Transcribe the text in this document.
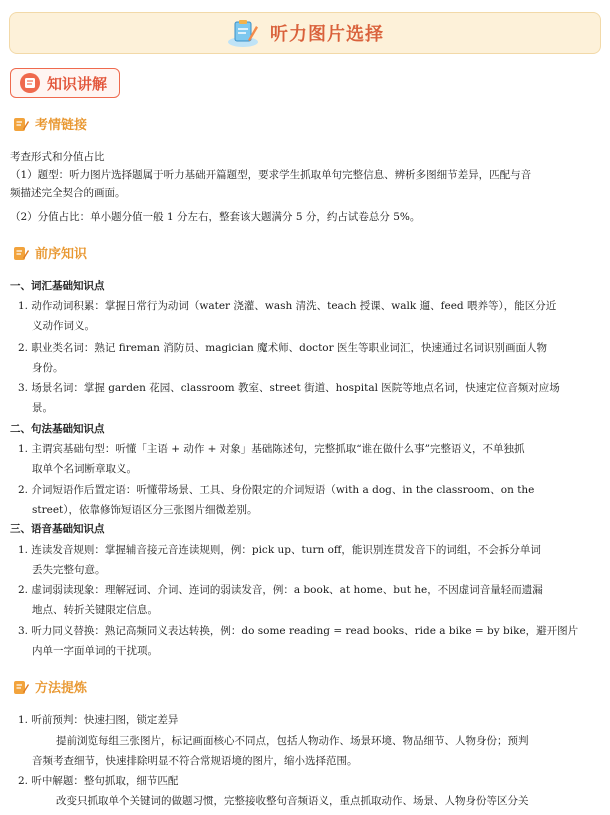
听力图片选择
知识讲解
考情链接
考查形式和分值占比
（1）题型：听力图片选择题属于听力基础开篇题型，要求学生抓取单句完整信息、辨析多图细节差异，匹配与音
频描述完全契合的画面。
（2）分值占比：单小题分值一般 1 分左右，整套该大题满分 5 分，约占试卷总分 5%。
前序知识
一、词汇基础知识点
1. 动作动词积累：掌握日常行为动词（water 浇灌、wash 清洗、teach 授课、walk 遛、feed 喂养等），能区分近
义动作词义。
2. 职业类名词：熟记 fireman 消防员、magician 魔术师、doctor 医生等职业词汇，快速通过名词识别画面人物
身份。
3. 场景名词：掌握 garden 花园、classroom 教室、street 街道、hospital 医院等地点名词，快速定位音频对应场
景。
二、句法基础知识点
1. 主谓宾基础句型：听懂「主语 + 动作 + 对象」基础陈述句，完整抓取“谁在做什么事”完整语义，不单独抓
取单个名词断章取义。
2. 介词短语作后置定语：听懂带场景、工具、身份限定的介词短语（with a dog、in the classroom、on the
street），依靠修饰短语区分三张图片细微差别。
三、语音基础知识点
1. 连读发音规则：掌握辅音接元音连读规则，例：pick up、turn off，能识别连贯发音下的词组，不会拆分单词
丢失完整句意。
2. 虚词弱读现象：理解冠词、介词、连词的弱读发音，例：a book、at home、but he，不因虚词音量轻而遗漏
地点、转折关键限定信息。
3. 听力同义替换：熟记高频同义表达转换，例：do some reading = read books、ride a bike = by bike，避开图片
内单一字面单词的干扰项。
方法提炼
1. 听前预判：快速扫图，锁定差异
提前浏览每组三张图片，标记画面核心不同点，包括人物动作、场景环境、物品细节、人物身份；预判
音频考查细节，快速排除明显不符合常规语境的图片，缩小选择范围。
2. 听中解题：整句抓取，细节匹配
改变只抓取单个关键词的做题习惯，完整接收整句音频语义，重点抓取动作、场景、人物身份等区分关
